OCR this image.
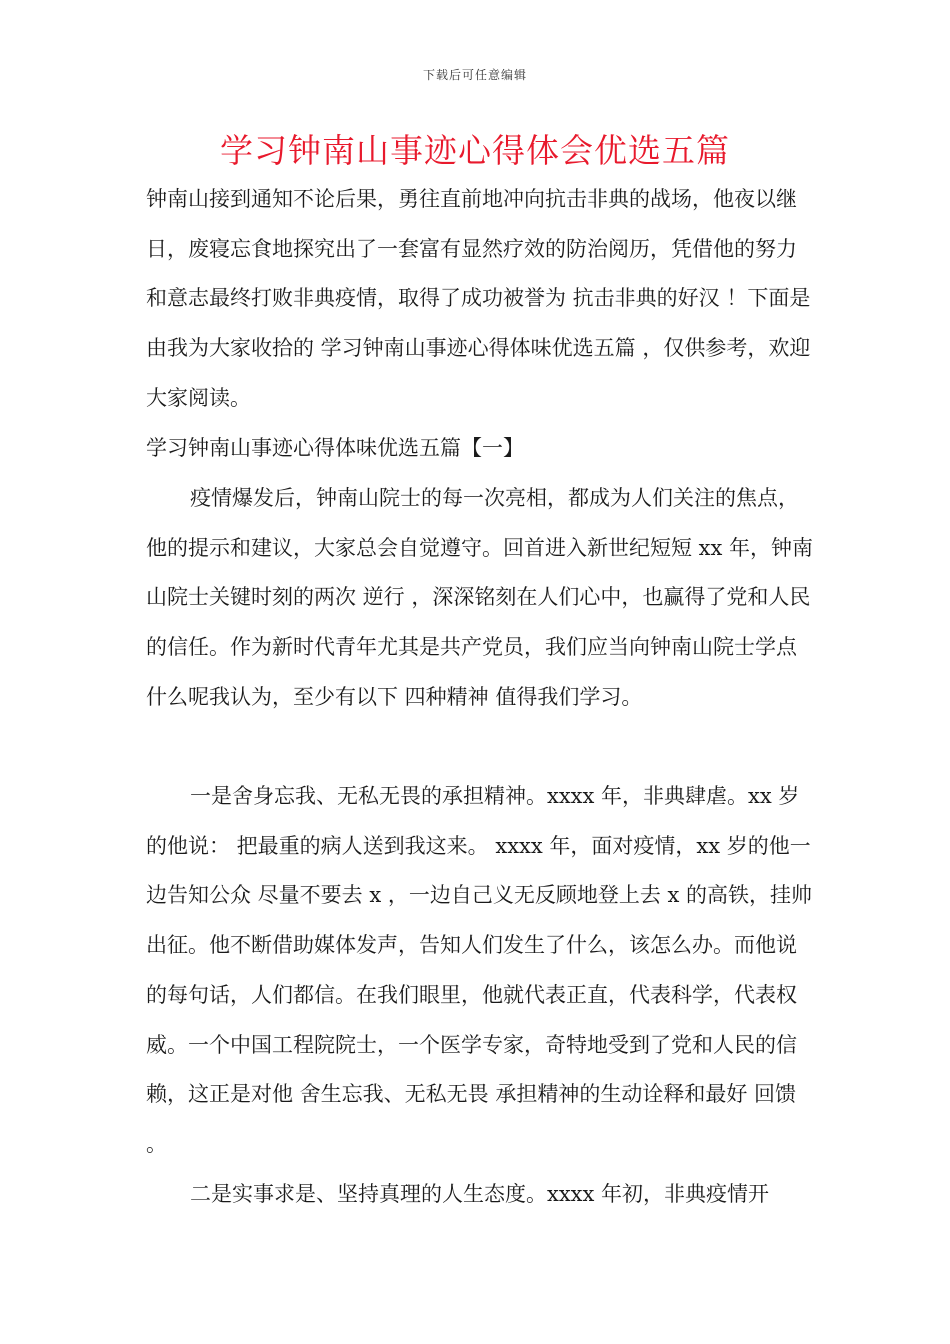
下载后可任意编辑
学习钟南山事迹心得体会优选五篇

钟南山接到通知不论后果，勇往直前地冲向抗击非典的战场，他夜以继日，废寝忘食地探究出了一套富有显然疗效的防治阅历，凭借他的努力和意志最终打败非典疫情，取得了成功被誉为 抗击非典的好汉 ！下面是由我为大家收拾的 学习钟南山事迹心得体味优选五篇 ，仅供参考，欢迎大家阅读。

学习钟南山事迹心得体味优选五篇【一】

疫情爆发后，钟南山院士的每一次亮相，都成为人们关注的焦点，他的提示和建议，大家总会自觉遵守。回首进入新世纪短短 xx 年，钟南山院士关键时刻的两次 逆行 ，深深铭刻在人们心中，也赢得了党和人民的信任。作为新时代青年尤其是共产党员，我们应当向钟南山院士学点什么呢我认为，至少有以下 四种精神 值得我们学习。

一是舍身忘我、无私无畏的承担精神。xxxx 年，非典肆虐。xx 岁的他说： 把最重的病人送到我这来。 xxxx 年，面对疫情，xx 岁的他一边告知公众 尽量不要去 x ，一边自己义无反顾地登上去 x 的高铁，挂帅出征。他不断借助媒体发声，告知人们发生了什么，该怎么办。而他说的每句话，人们都信。在我们眼里，他就代表正直，代表科学，代表权威。一个中国工程院院士，一个医学专家，奇特地受到了党和人民的信赖，这正是对他 舍生忘我、无私无畏 承担精神的生动诠释和最好 回馈 。

二是实事求是、坚持真理的人生态度。xxxx 年初，非典疫情开
